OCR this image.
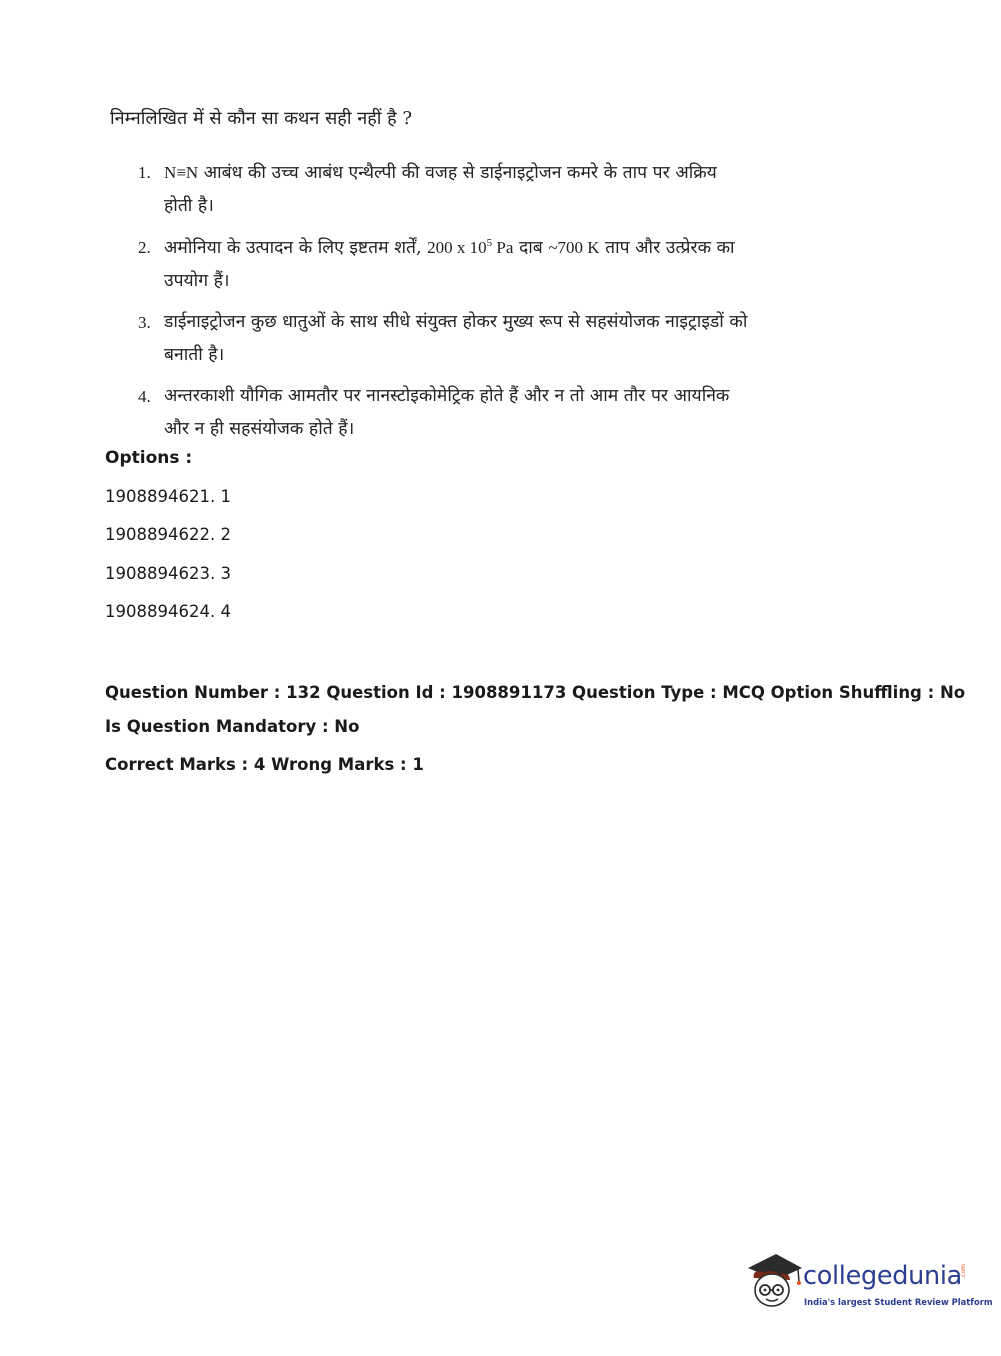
निम्नलिखित में से कौन सा कथन सही नहीं है ?

1. N≡N आबंध की उच्च आबंध एन्थैल्पी की वजह से डाईनाइट्रोजन कमरे के ताप पर अक्रिय होती है।
2. अमोनिया के उत्पादन के लिए इष्टतम शर्तें, 200 x $10^5$ Pa दाब ~700 K ताप और उत्प्रेरक का उपयोग हैं।
3. डाईनाइट्रोजन कुछ धातुओं के साथ सीधे संयुक्त होकर मुख्य रूप से सहसंयोजक नाइट्राइडों को बनाती है।
4. अन्तरकाशी यौगिक आमतौर पर नानस्टोइकोमेट्रिक होते हैं और न तो आम तौर पर आयनिक और न ही सहसंयोजक होते हैं।
Options :
1908894621. 1
1908894622. 2
1908894623. 3
1908894624. 4
Question Number : 132 Question Id : 1908891173 Question Type : MCQ Option Shuffling : No
Is Question Mandatory : No
Correct Marks : 4 Wrong Marks : 1
collegedunia
.com
India's largest Student Review Platform
